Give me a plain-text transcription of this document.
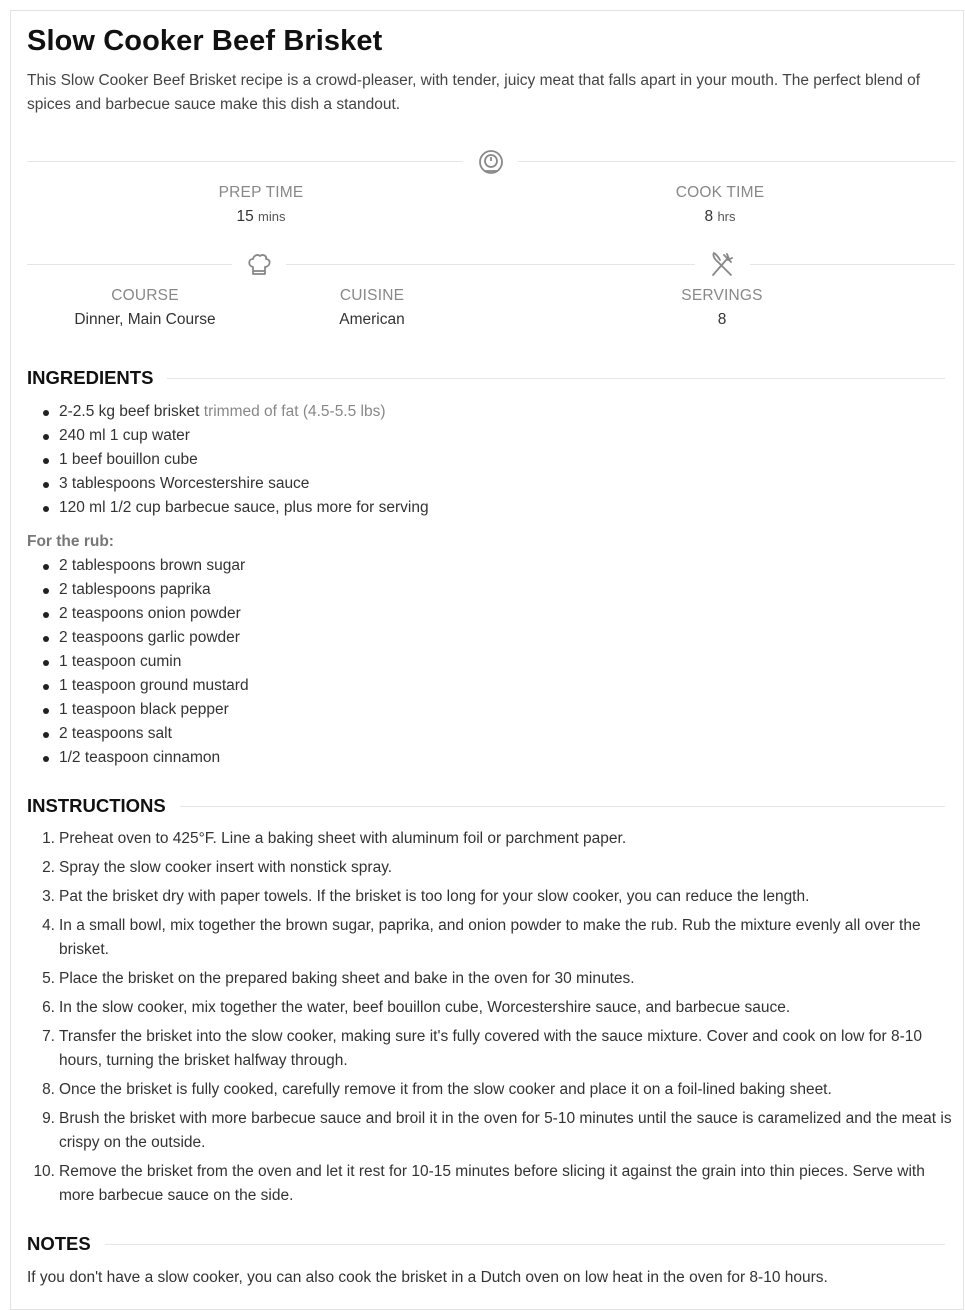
Slow Cooker Beef Brisket

This Slow Cooker Beef Brisket recipe is a crowd-pleaser, with tender, juicy meat that falls apart in your mouth. The perfect blend of spices and barbecue sauce make this dish a standout.

PREP TIME
15 mins
COOK TIME
8 hrs
COURSE
Dinner, Main Course
CUISINE
American
SERVINGS
8
INGREDIENTS
2-2.5 kg beef brisket trimmed of fat (4.5-5.5 lbs)
240 ml 1 cup water
1 beef bouillon cube
3 tablespoons Worcestershire sauce
120 ml 1/2 cup barbecue sauce, plus more for serving
For the rub:
2 tablespoons brown sugar
2 tablespoons paprika
2 teaspoons onion powder
2 teaspoons garlic powder
1 teaspoon cumin
1 teaspoon ground mustard
1 teaspoon black pepper
2 teaspoons salt
1/2 teaspoon cinnamon
INSTRUCTIONS
1. Preheat oven to 425°F. Line a baking sheet with aluminum foil or parchment paper.
2. Spray the slow cooker insert with nonstick spray.
3. Pat the brisket dry with paper towels. If the brisket is too long for your slow cooker, you can reduce the length.
4. In a small bowl, mix together the brown sugar, paprika, and onion powder to make the rub. Rub the mixture evenly all over the brisket.
5. Place the brisket on the prepared baking sheet and bake in the oven for 30 minutes.
6. In the slow cooker, mix together the water, beef bouillon cube, Worcestershire sauce, and barbecue sauce.
7. Transfer the brisket into the slow cooker, making sure it's fully covered with the sauce mixture. Cover and cook on low for 8-10 hours, turning the brisket halfway through.
8. Once the brisket is fully cooked, carefully remove it from the slow cooker and place it on a foil-lined baking sheet.
9. Brush the brisket with more barbecue sauce and broil it in the oven for 5-10 minutes until the sauce is caramelized and the meat is crispy on the outside.
10. Remove the brisket from the oven and let it rest for 10-15 minutes before slicing it against the grain into thin pieces. Serve with more barbecue sauce on the side.
NOTES

If you don't have a slow cooker, you can also cook the brisket in a Dutch oven on low heat in the oven for 8-10 hours.
